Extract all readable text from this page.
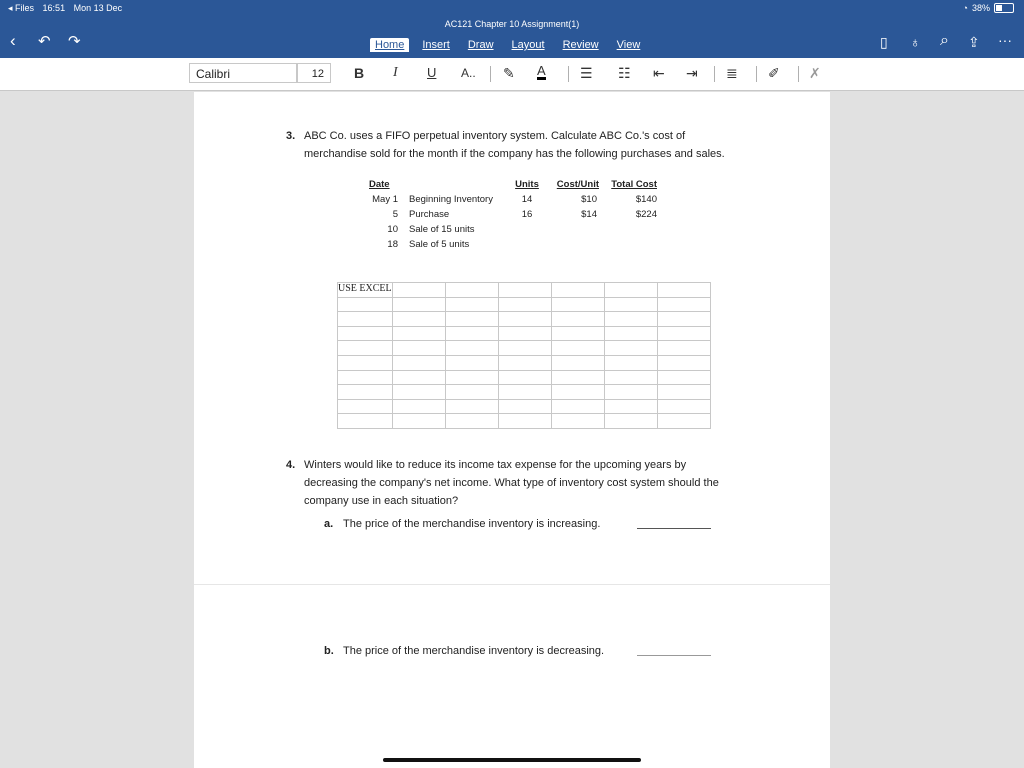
◂ Files 16:51 Mon 13 Dec	◔ 38%
AC121 Chapter 10 Assignment(1)
‹ ↶ ↷	Home	Insert	Draw	Layout	Review	View	▯ ♁ ⌕ ⇪ ···
Calibri	12	B I U A.. ✎ A ☰ ☷ ⇤ ⇥ ≣ ✐ ✗
3. ABC Co. uses a FIFO perpetual inventory system. Calculate ABC Co.'s cost of
merchandise sold for the month if the company has the following purchases and sales.
Date
May 1
5
10
18
Beginning Inventory
Purchase
Sale of 15 units
Sale of 5 units
Units
14
16
Cost/Unit
$10
$14
Total Cost
$140
$224
USE EXCEL						

4. Winters would like to reduce its income tax expense for the upcoming years by
decreasing the company's net income. What type of inventory cost system should the
company use in each situation?
a. The price of the merchandise inventory is increasing.
b. The price of the merchandise inventory is decreasing.
